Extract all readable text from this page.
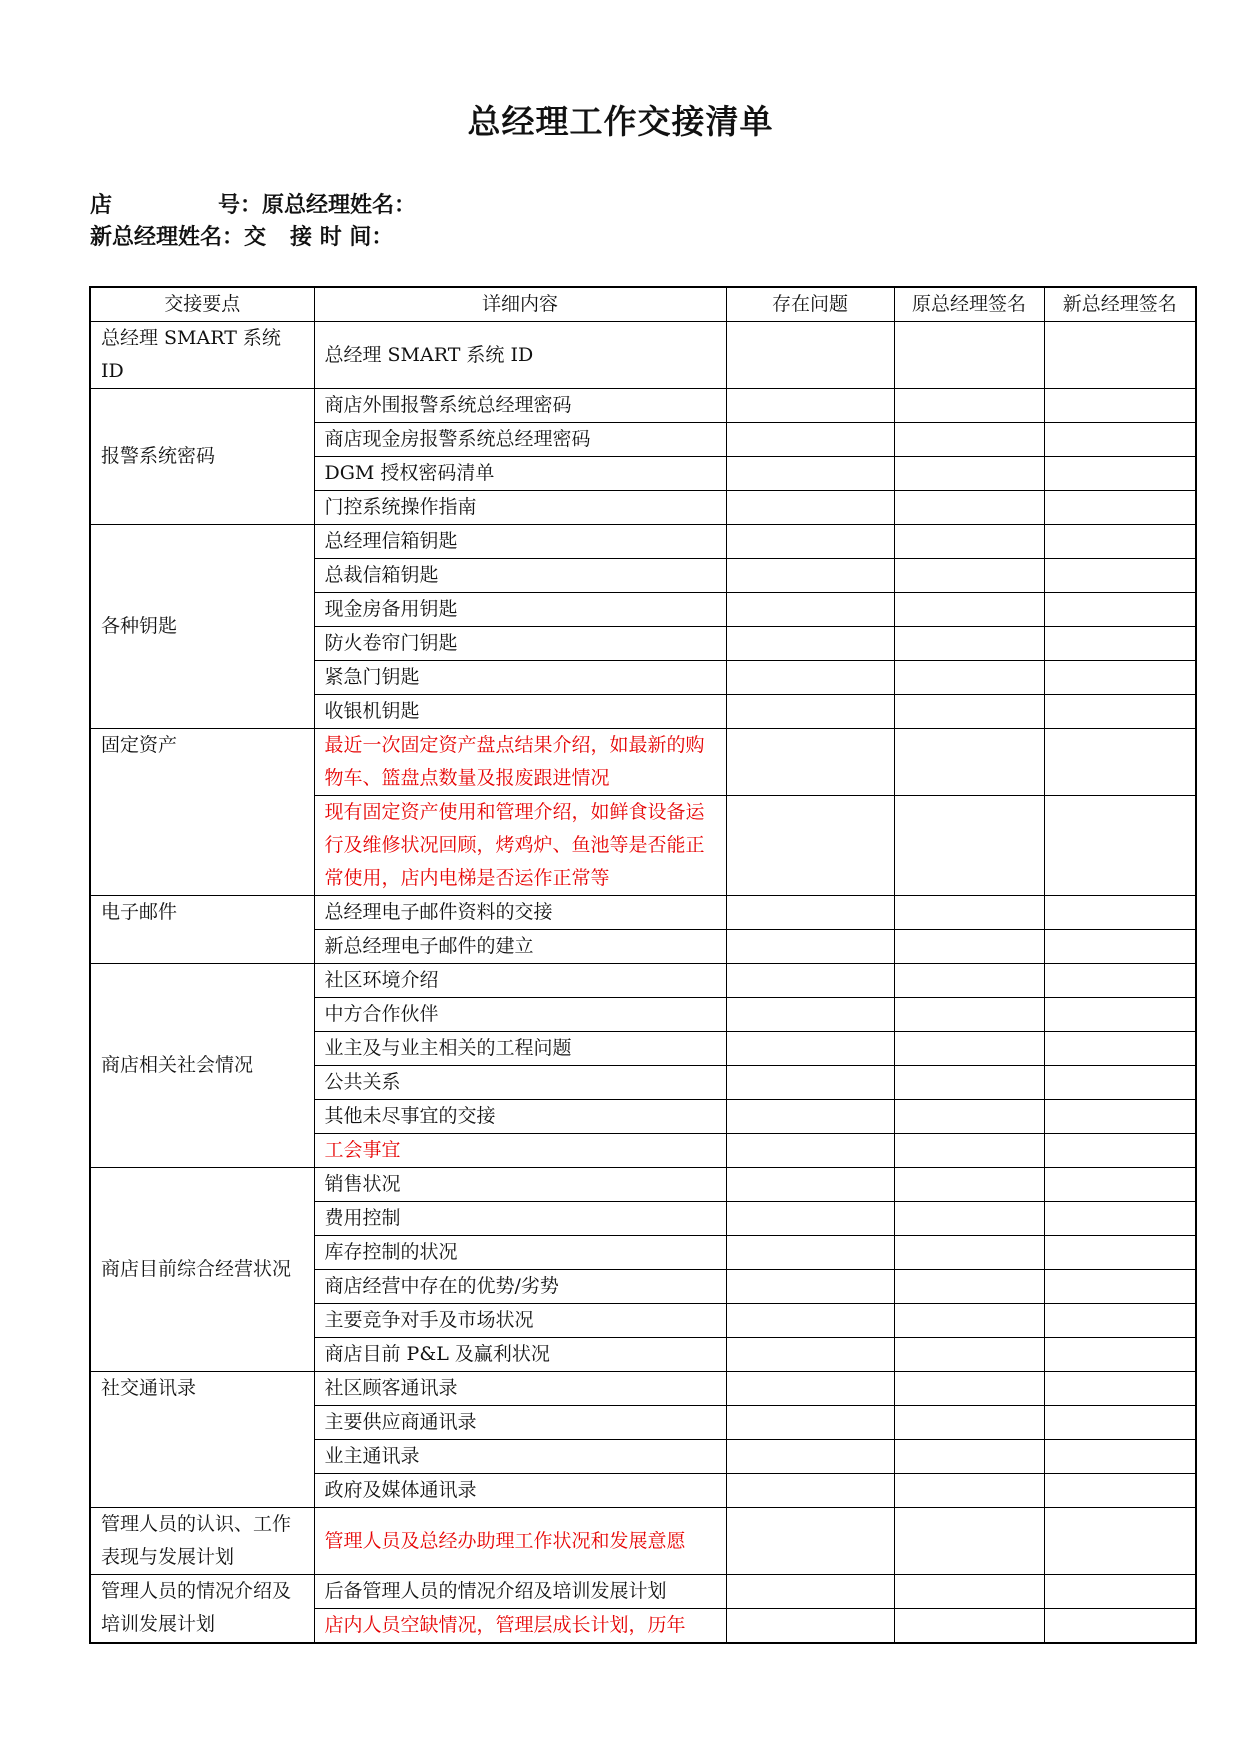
总经理工作交接清单
店	号：原总经理姓名：
新总经理姓名：交 接 时 间：
交接要点	详细内容	存在问题	原总经理签名	新总经理签名
总经理 SMART 系统 ID	总经理 SMART 系统 ID			
报警系统密码	商店外围报警系统总经理密码			
	商店现金房报警系统总经理密码			
	DGM 授权密码清单			
	门控系统操作指南			
各种钥匙	总经理信箱钥匙			
	总裁信箱钥匙			
	现金房备用钥匙			
	防火卷帘门钥匙			
	紧急门钥匙			
	收银机钥匙			
固定资产	最近一次固定资产盘点结果介绍，如最新的购物车、篮盘点数量及报废跟进情况			
	现有固定资产使用和管理介绍，如鲜食设备运行及维修状况回顾，烤鸡炉、鱼池等是否能正常使用，店内电梯是否运作正常等			
电子邮件	总经理电子邮件资料的交接			
	新总经理电子邮件的建立			
商店相关社会情况	社区环境介绍			
	中方合作伙伴			
	业主及与业主相关的工程问题			
	公共关系			
	其他未尽事宜的交接			
	工会事宜			
商店目前综合经营状况	销售状况			
	费用控制			
	库存控制的状况			
	商店经营中存在的优势/劣势			
	主要竞争对手及市场状况			
	商店目前 P&L 及赢利状况			
社交通讯录	社区顾客通讯录			
	主要供应商通讯录			
	业主通讯录			
	政府及媒体通讯录			
管理人员的认识、工作表现与发展计划	管理人员及总经办助理工作状况和发展意愿			
管理人员的情况介绍及培训发展计划	后备管理人员的情况介绍及培训发展计划			
	店内人员空缺情况，管理层成长计划，历年			
